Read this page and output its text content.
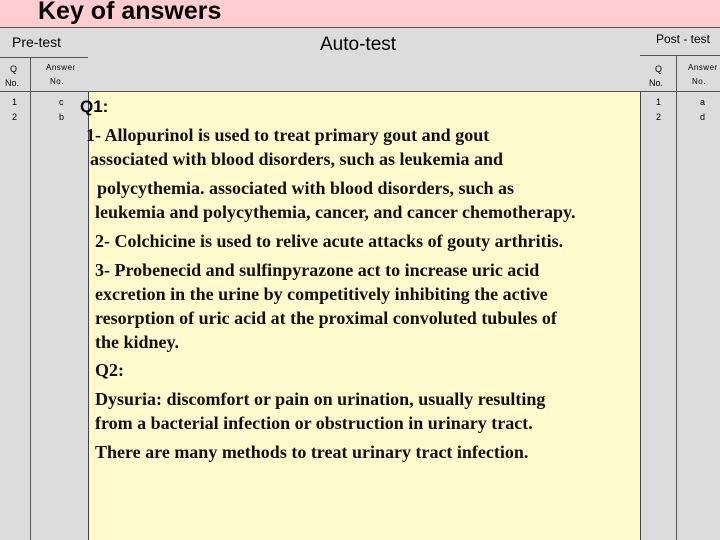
Key of answers
Pre-test
Q
No.
Answer
No.
1	c
2	b
Auto-test	Post - test
Q
No.
Answer
No.
1	a
2	d
Q1:
1- Allopurinol is used to treat primary gout and gout
associated with blood disorders, such as leukemia and
polycythemia. associated with blood disorders, such as
leukemia and polycythemia, cancer, and cancer chemotherapy.
2- Colchicine is used to relive acute attacks of gouty arthritis.
3- Probenecid and sulfinpyrazone act to increase uric acid
excretion in the urine by competitively inhibiting the active
resorption of uric acid at the proximal convoluted tubules of
the kidney.
Q2:
Dysuria: discomfort or pain on urination, usually resulting
from a bacterial infection or obstruction in urinary tract.
There are many methods to treat urinary tract infection.
